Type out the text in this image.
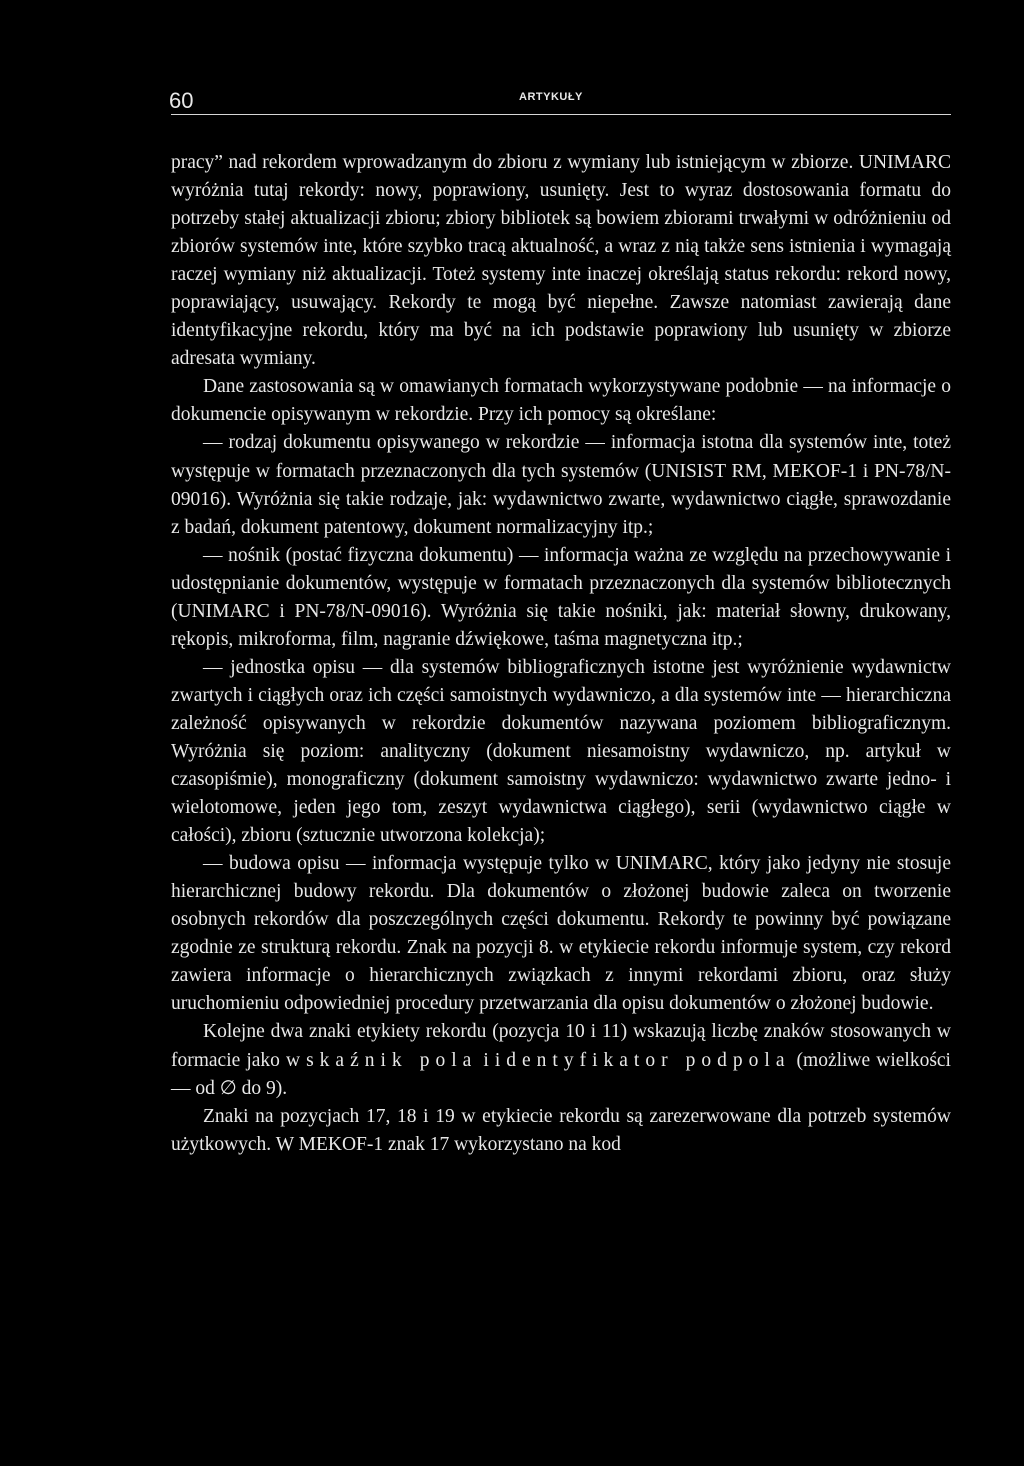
60	ARTYKUŁY

pracy” nad rekordem wprowadzanym do zbioru z wymiany lub istniejącym w zbiorze. UNIMARC wyróżnia tutaj rekordy: nowy, poprawiony, usunięty. Jest to wyraz dostosowania formatu do potrzeby stałej aktualizacji zbioru; zbiory bibliotek są bowiem zbiorami trwałymi w odróżnieniu od zbiorów systemów inte, które szybko tracą aktualność, a wraz z nią także sens istnienia i wymagają raczej wymiany niż aktualizacji. Toteż systemy inte inaczej określają status rekordu: rekord nowy, poprawiający, usuwający. Rekordy te mogą być niepełne. Zawsze natomiast zawierają dane identyfikacyjne rekordu, który ma być na ich podstawie poprawiony lub usunięty w zbiorze adresata wymiany.

Dane zastosowania są w omawianych formatach wykorzystywane podobnie — na informacje o dokumencie opisywanym w rekordzie. Przy ich pomocy są określane:

— rodzaj dokumentu opisywanego w rekordzie — informacja istotna dla systemów inte, toteż występuje w formatach przeznaczonych dla tych systemów (UNISIST RM, MEKOF-1 i PN-78/N-09016). Wyróżnia się takie rodzaje, jak: wydawnictwo zwarte, wydawnictwo ciągłe, sprawozdanie z badań, dokument patentowy, dokument normalizacyjny itp.;

— nośnik (postać fizyczna dokumentu) — informacja ważna ze względu na przechowywanie i udostępnianie dokumentów, występuje w formatach przeznaczonych dla systemów bibliotecznych (UNIMARC i PN-78/N-09016). Wyróżnia się takie nośniki, jak: materiał słowny, drukowany, rękopis, mikroforma, film, nagranie dźwiękowe, taśma magnetyczna itp.;

— jednostka opisu — dla systemów bibliograficznych istotne jest wyróżnienie wydawnictw zwartych i ciągłych oraz ich części samoistnych wydawniczo, a dla systemów inte — hierarchiczna zależność opisywanych w rekordzie dokumentów nazywana poziomem bibliograficznym. Wyróżnia się poziom: analityczny (dokument niesamoistny wydawniczo, np. artykuł w czasopiśmie), monograficzny (dokument samoistny wydawniczo: wydawnictwo zwarte jedno- i wielotomowe, jeden jego tom, zeszyt wydawnictwa ciągłego), serii (wydawnictwo ciągłe w całości), zbioru (sztucznie utworzona kolekcja);

— budowa opisu — informacja występuje tylko w UNIMARC, który jako jedyny nie stosuje hierarchicznej budowy rekordu. Dla dokumentów o złożonej budowie zaleca on tworzenie osobnych rekordów dla poszczególnych części dokumentu. Rekordy te powinny być powiązane zgodnie ze strukturą rekordu. Znak na pozycji 8. w etykiecie rekordu informuje system, czy rekord zawiera informacje o hierarchicznych związkach z innymi rekordami zbioru, oraz służy uruchomieniu odpowiedniej procedury przetwarzania dla opisu dokumentów o złożonej budowie.

Kolejne dwa znaki etykiety rekordu (pozycja 10 i 11) wskazują liczbę znaków stosowanych w formacie jako wskaźnik pola i identyfikator podpola (możliwe wielkości — od ∅ do 9).

Znaki na pozycjach 17, 18 i 19 w etykiecie rekordu są zarezerwowane dla potrzeb systemów użytkowych. W MEKOF-1 znak 17 wykorzystano na kod
